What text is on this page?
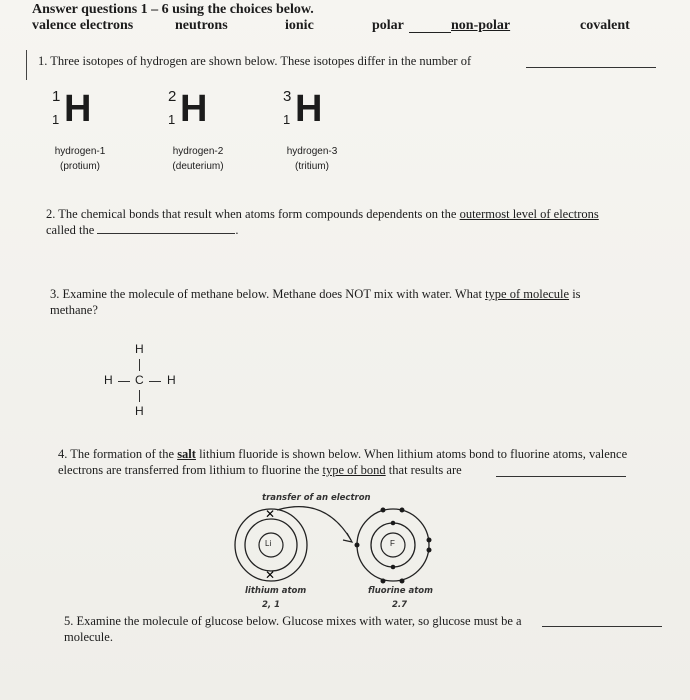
Answer questions 1 – 6 using the choices below.
valence electrons	neutrons	ionic	polar	non-polar	covalent
1. Three isotopes of hydrogen are shown below. These isotopes differ in the number of
1
1 H	2
1 H	3
1 H
hydrogen-1
(protium)
hydrogen-2
(deuterium)
hydrogen-3
(tritium)
2. The chemical bonds that result when atoms form compounds dependents on the outermost level of electrons
called the	.
3. Examine the molecule of methane below. Methane does NOT mix with water. What type of molecule is
methane?
H
H C H
H
4. The formation of the salt lithium fluoride is shown below. When lithium atoms bond to fluorine atoms, valence
electrons are transferred from lithium to fluorine the type of bond that results are
transfer of an electron
✕
✕
Li	F
lithium atom
2, 1
fluorine atom
2.7
5. Examine the molecule of glucose below. Glucose mixes with water, so glucose must be a
molecule.
